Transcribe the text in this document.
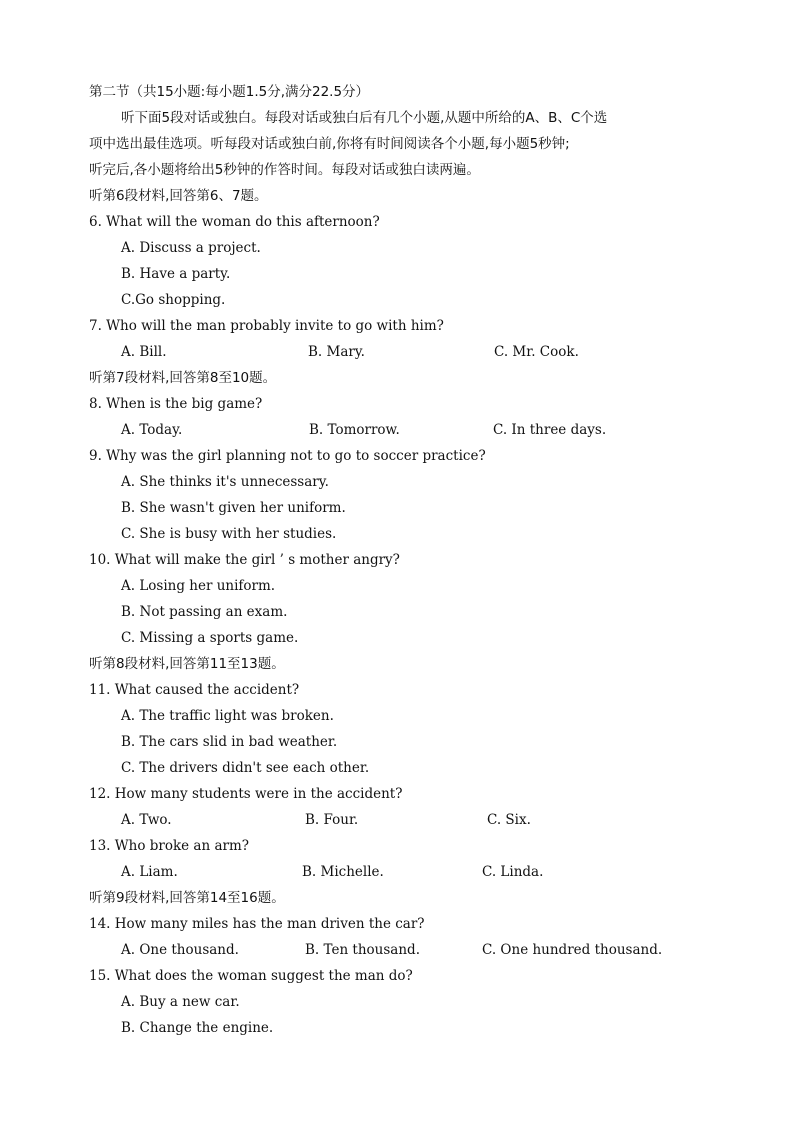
第二节（共15小题:每小题1.5分,满分22.5分）
听下面5段对话或独白。每段对话或独白后有几个小题,从题中所给的A、B、C个选
项中选出最佳选项。听每段对话或独白前,你将有时间阅读各个小题,每小题5秒钟;
听完后,各小题将给出5秒钟的作答时间。每段对话或独白读两遍。
听第6段材料,回答第6、7题。
6. What will the woman do this afternoon?
A. Discuss a project.
B. Have a party.
C.Go shopping.
7. Who will the man probably invite to go with him?
A. Bill.	B. Mary.	C. Mr. Cook.
听第7段材料,回答第8至10题。
8. When is the big game?
A. Today.	B. Tomorrow.	C. In three days.
9. Why was the girl planning not to go to soccer practice?
A. She thinks it's unnecessary.
B. She wasn't given her uniform.
C. She is busy with her studies.
10. What will make the girl ’ s mother angry?
A. Losing her uniform.
B. Not passing an exam.
C. Missing a sports game.
听第8段材料,回答第11至13题。
11. What caused the accident?
A. The traffic light was broken.
B. The cars slid in bad weather.
C. The drivers didn't see each other.
12. How many students were in the accident?
A. Two.	B. Four.	C. Six.
13. Who broke an arm?
A. Liam.	B. Michelle.	C. Linda.
听第9段材料,回答第14至16题。
14. How many miles has the man driven the car?
A. One thousand.	B. Ten thousand.	C. One hundred thousand.
15. What does the woman suggest the man do?
A. Buy a new car.
B. Change the engine.
